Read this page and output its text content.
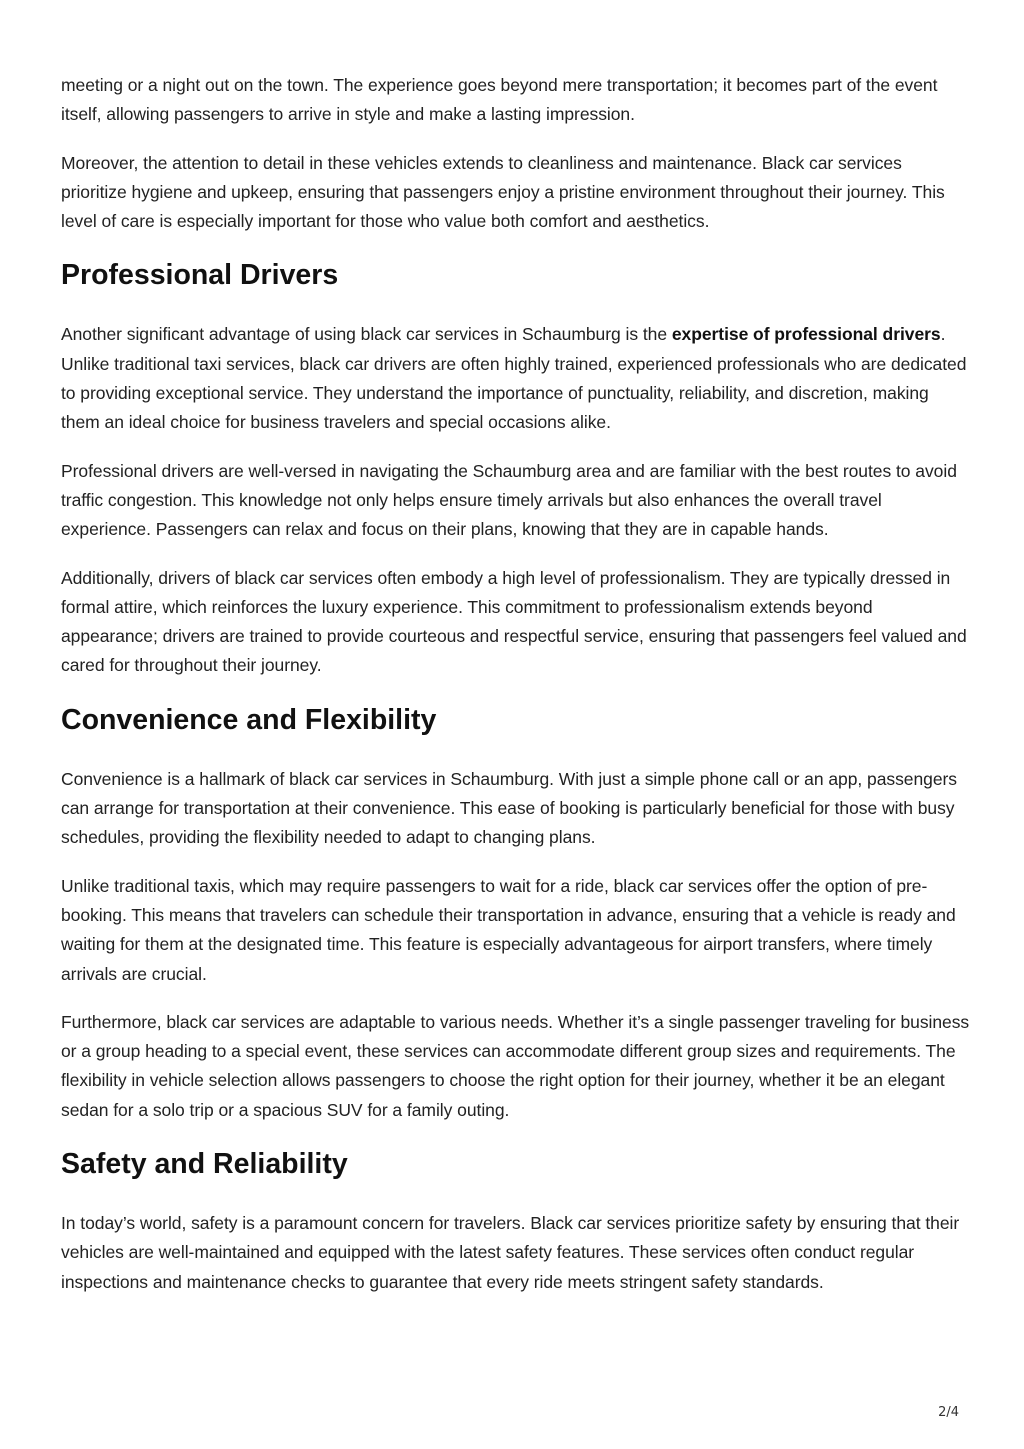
meeting or a night out on the town. The experience goes beyond mere transportation; it becomes part of the event itself, allowing passengers to arrive in style and make a lasting impression.

Moreover, the attention to detail in these vehicles extends to cleanliness and maintenance. Black car services prioritize hygiene and upkeep, ensuring that passengers enjoy a pristine environment throughout their journey. This level of care is especially important for those who value both comfort and aesthetics.

Professional Drivers

Another significant advantage of using black car services in Schaumburg is the expertise of professional drivers. Unlike traditional taxi services, black car drivers are often highly trained, experienced professionals who are dedicated to providing exceptional service. They understand the importance of punctuality, reliability, and discretion, making them an ideal choice for business travelers and special occasions alike.

Professional drivers are well-versed in navigating the Schaumburg area and are familiar with the best routes to avoid traffic congestion. This knowledge not only helps ensure timely arrivals but also enhances the overall travel experience. Passengers can relax and focus on their plans, knowing that they are in capable hands.

Additionally, drivers of black car services often embody a high level of professionalism. They are typically dressed in formal attire, which reinforces the luxury experience. This commitment to professionalism extends beyond appearance; drivers are trained to provide courteous and respectful service, ensuring that passengers feel valued and cared for throughout their journey.

Convenience and Flexibility

Convenience is a hallmark of black car services in Schaumburg. With just a simple phone call or an app, passengers can arrange for transportation at their convenience. This ease of booking is particularly beneficial for those with busy schedules, providing the flexibility needed to adapt to changing plans.

Unlike traditional taxis, which may require passengers to wait for a ride, black car services offer the option of pre-booking. This means that travelers can schedule their transportation in advance, ensuring that a vehicle is ready and waiting for them at the designated time. This feature is especially advantageous for airport transfers, where timely arrivals are crucial.

Furthermore, black car services are adaptable to various needs. Whether it’s a single passenger traveling for business or a group heading to a special event, these services can accommodate different group sizes and requirements. The flexibility in vehicle selection allows passengers to choose the right option for their journey, whether it be an elegant sedan for a solo trip or a spacious SUV for a family outing.

Safety and Reliability

In today’s world, safety is a paramount concern for travelers. Black car services prioritize safety by ensuring that their vehicles are well-maintained and equipped with the latest safety features. These services often conduct regular inspections and maintenance checks to guarantee that every ride meets stringent safety standards.

2/4
